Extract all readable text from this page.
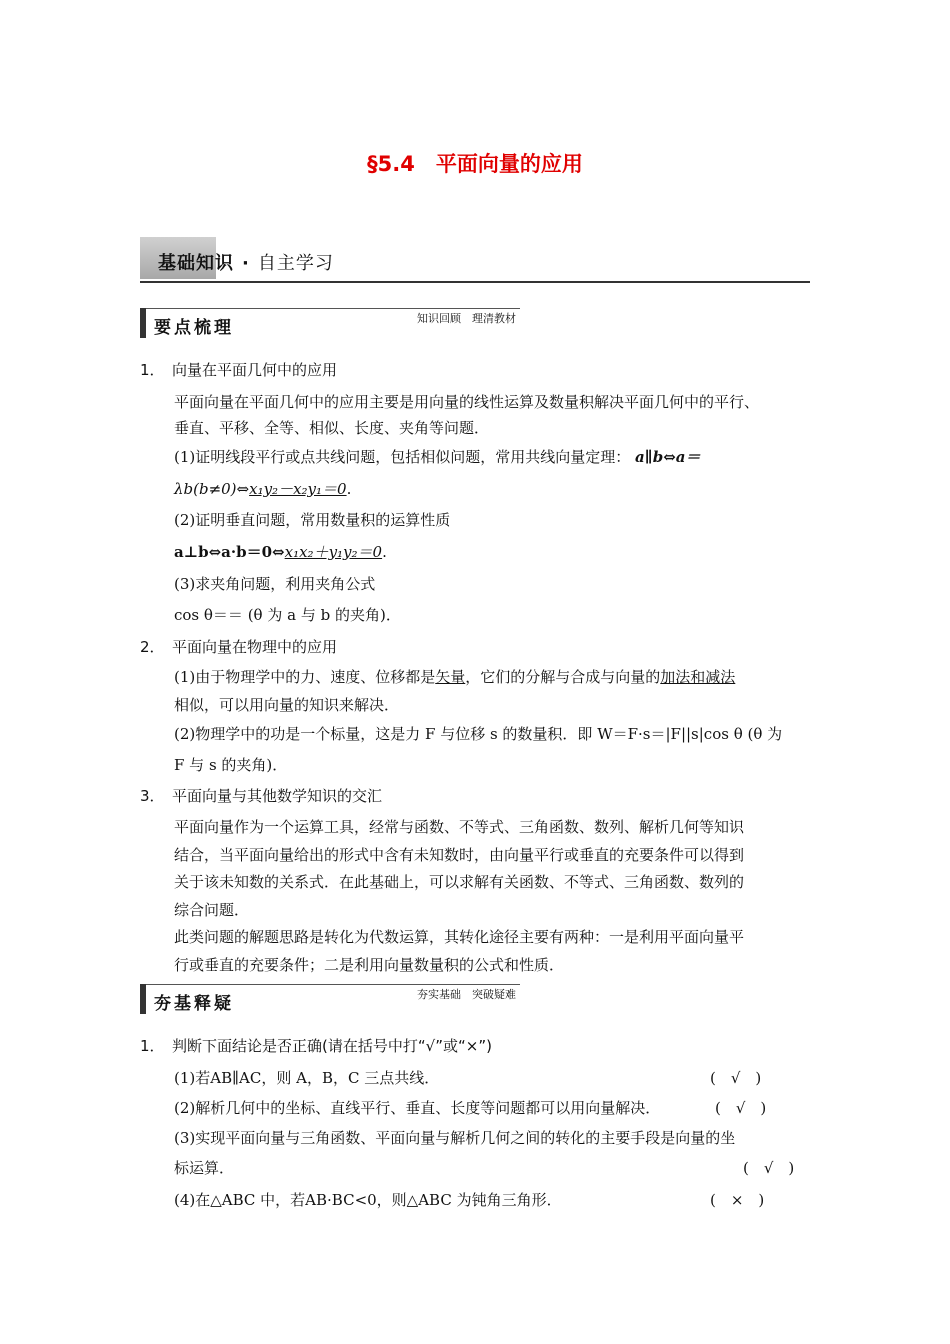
§5.4　平面向量的应用
基础知识 · 自主学习
要点梳理	知识回顾　理清教材
1．　向量在平面几何中的应用
平面向量在平面几何中的应用主要是用向量的线性运算及数量积解决平面几何中的平行、
垂直、平移、全等、相似、长度、夹角等问题．
(1)证明线段平行或点共线问题，包括相似问题，常用共线向量定理： a∥b⇔a＝
λb(b≠0)⇔x₁y₂－x₂y₁＝0.
(2)证明垂直问题，常用数量积的运算性质
a⊥b⇔a·b＝0⇔x₁x₂＋y₁y₂＝0.
(3)求夹角问题，利用夹角公式
cos θ＝＝ (θ 为 a 与 b 的夹角)．
2．　平面向量在物理中的应用
(1)由于物理学中的力、速度、位移都是矢量，它们的分解与合成与向量的加法和减法
相似，可以用向量的知识来解决．
(2)物理学中的功是一个标量，这是力 F 与位移 s 的数量积．即 W＝F·s＝|F||s|cos θ (θ 为
F 与 s 的夹角)．
3．　平面向量与其他数学知识的交汇
平面向量作为一个运算工具，经常与函数、不等式、三角函数、数列、解析几何等知识
结合，当平面向量给出的形式中含有未知数时，由向量平行或垂直的充要条件可以得到
关于该未知数的关系式．在此基础上，可以求解有关函数、不等式、三角函数、数列的
综合问题．
此类问题的解题思路是转化为代数运算，其转化途径主要有两种：一是利用平面向量平
行或垂直的充要条件；二是利用向量数量积的公式和性质．
夯基释疑	夯实基础　突破疑难
1．　判断下面结论是否正确(请在括号中打“√”或“×”)
(1)若AB∥AC，则 A，B，C 三点共线．	(　√　)
(2)解析几何中的坐标、直线平行、垂直、长度等问题都可以用向量解决．	(　√　)
(3)实现平面向量与三角函数、平面向量与解析几何之间的转化的主要手段是向量的坐
标运算．	(　√　)
(4)在△ABC 中，若AB·BC<0，则△ABC 为钝角三角形．	(　×　)
